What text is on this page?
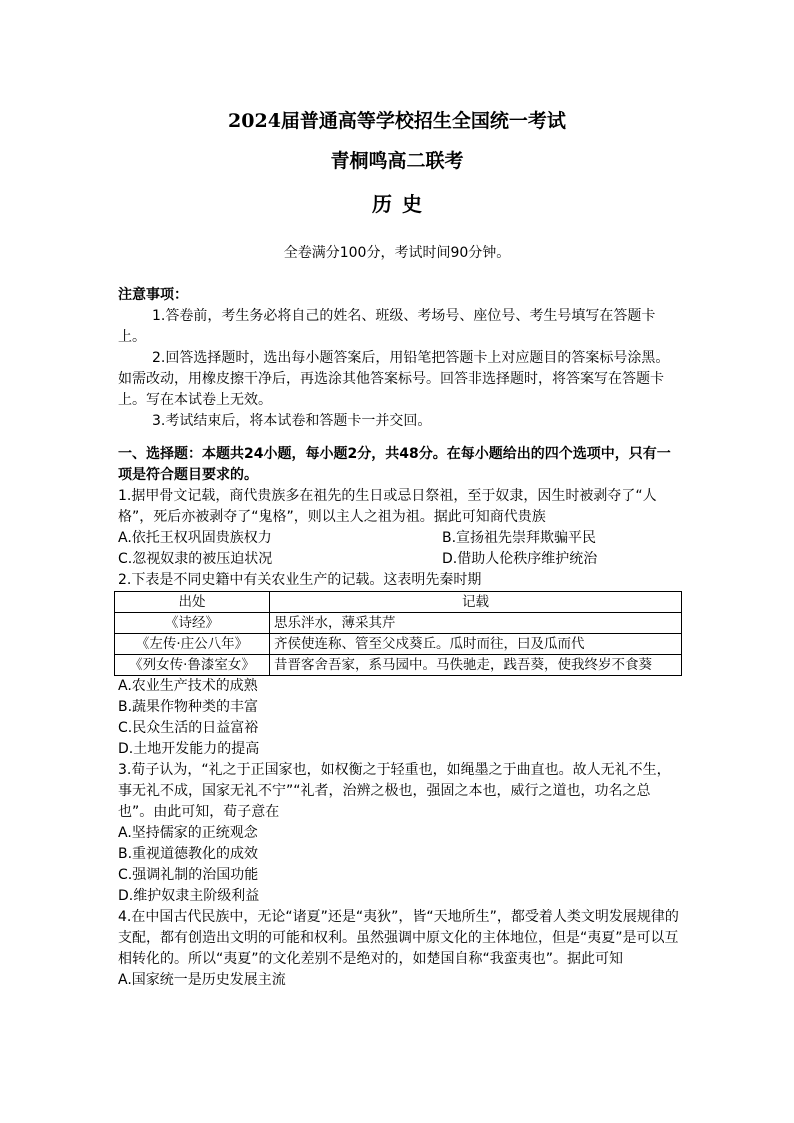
2024届普通高等学校招生全国统一考试
青桐鸣高二联考
历史
全卷满分100分，考试时间90分钟。
注意事项：
1.答卷前，考生务必将自己的姓名、班级、考场号、座位号、考生号填写在答题卡上。
2.回答选择题时，选出每小题答案后，用铅笔把答题卡上对应题目的答案标号涂黑。如需改动，用橡皮擦干净后，再选涂其他答案标号。回答非选择题时，将答案写在答题卡上。写在本试卷上无效。
3.考试结束后，将本试卷和答题卡一并交回。
一、选择题：本题共24小题，每小题2分，共48分。在每小题给出的四个选项中，只有一项是符合题目要求的。
1.据甲骨文记载，商代贵族多在祖先的生日或忌日祭祖，至于奴隶，因生时被剥夺了“人格”，死后亦被剥夺了“鬼格”，则以主人之祖为祖。据此可知商代贵族
A.依托王权巩固贵族权力	B.宣扬祖先崇拜欺骗平民
C.忽视奴隶的被压迫状况	D.借助人伦秩序维护统治
2.下表是不同史籍中有关农业生产的记载。这表明先秦时期
出处	记载
《诗经》	思乐泮水，薄采其芹
《左传·庄公八年》	齐侯使连称、管至父戍葵丘。瓜时而往，曰及瓜而代
《列女传·鲁漆室女》	昔晋客舍吾家，系马园中。马佚驰走，践吾葵，使我终岁不食葵
A.农业生产技术的成熟
B.蔬果作物种类的丰富
C.民众生活的日益富裕
D.土地开发能力的提高
3.荀子认为，“礼之于正国家也，如权衡之于轻重也，如绳墨之于曲直也。故人无礼不生，事无礼不成，国家无礼不宁”“礼者，治辨之极也，强固之本也，威行之道也，功名之总也”。由此可知，荀子意在
A.坚持儒家的正统观念
B.重视道德教化的成效
C.强调礼制的治国功能
D.维护奴隶主阶级利益
4.在中国古代民族中，无论“诸夏”还是“夷狄”，皆“天地所生”，都受着人类文明发展规律的支配，都有创造出文明的可能和权利。虽然强调中原文化的主体地位，但是“夷夏”是可以互相转化的。所以“夷夏”的文化差别不是绝对的，如楚国自称“我蛮夷也”。据此可知
A.国家统一是历史发展主流
